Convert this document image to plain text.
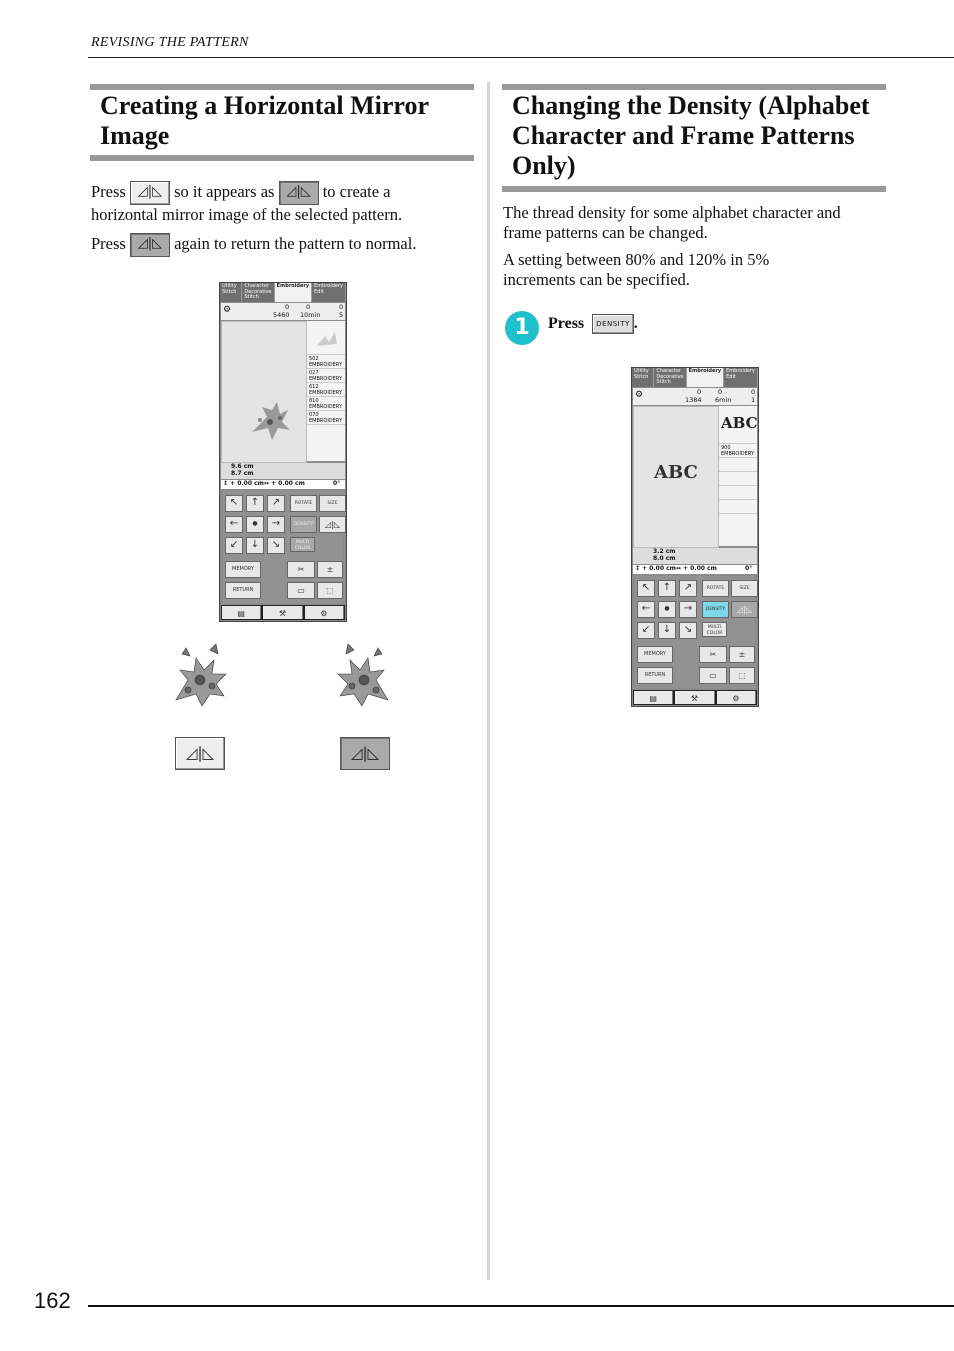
REVISING THE PATTERN
Creating a Horizontal Mirror Image
Press ◿|◺ so it appears as ◿|◺ to create a
horizontal mirror image of the selected pattern.
Press ◿|◺ again to return the pattern to normal.
Utility Stitch
Character Decorative Stitch
Embroidery	Embroidery Edit
⚙	0
5460
0
10min
0
5
502
EMBROIDERY
027
EMBROIDERY
612
EMBROIDERY
810
EMBROIDERY
070
EMBROIDERY
9.6 cm
8.7 cm
↕ + 0.00 cm↔ + 0.00 cm	0°
↖	↑	↗	ROTATE	SIZE
←	●	→	DENSITY	◿|◺
↙	↓	↘	MULTI COLOR
MEMORY	✂	±
RETURN	▭	⬚
▤	⚒	⚙
◿|◺	◿|◺
Changing the Density (Alphabet
Character and Frame Patterns
Only)
The thread density for some alphabet character and frame patterns can be changed.
A setting between 80% and 120% in 5% increments can be specified.
1	Press DENSITY .
Utility Stitch
Character Decorative Stitch
Embroidery	Embroidery Edit
⚙	0
1384
0
6min
0
1
ABC
ABC
900
EMBROIDERY
3.2 cm
8.0 cm
↕ + 0.00 cm↔ + 0.00 cm	0°
↖	↑	↗	ROTATE	SIZE
←	●	→	DENSITY	◿|◺
↙	↓	↘	MULTI COLOR
MEMORY	✂	±
RETURN	▭	⬚
▤	⚒	⚙
162
